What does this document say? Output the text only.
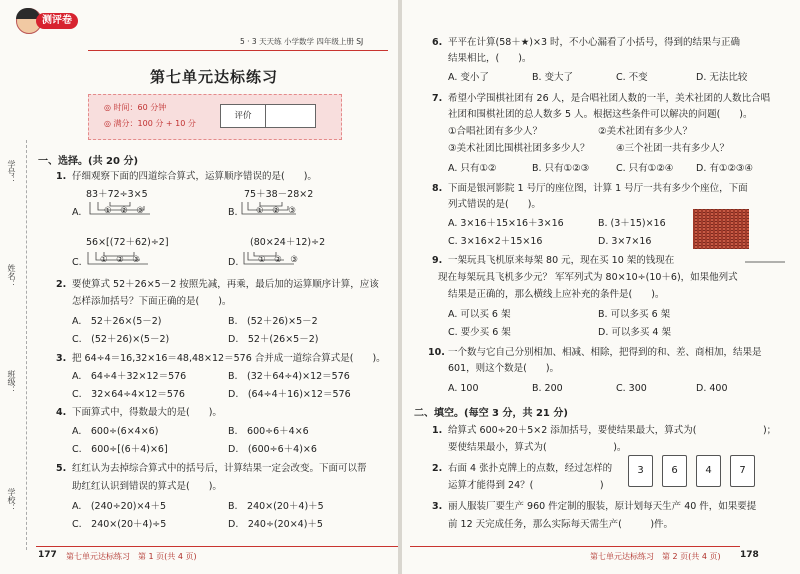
测评卷
5 · 3 天天练 小学数学 四年级上册 SJ
第七单元达标练习
◎ 时间：60 分钟
◎ 满分：100 分 + 10 分
评价
学号：
姓名：
班级：
学校：
一、选择。(共 20 分)
1. 仔细观察下面的四道综合算式，运算顺序错误的是(　　)。
A.
83＋72÷3×5
①　②　③	B.
75＋38－28×2
①　②　③
C.
56×[(72＋62)÷2]
①　②　③	D.
(80×24＋12)÷2
①　②　③
2. 要使算式 52＋26×5－2 按照先减，再乘，最后加的运算顺序计算，应该
怎样添加括号？下面正确的是(　　)。
A.　52＋26×(5－2)	B.　(52＋26)×5－2
C.　(52＋26)×(5－2)	D.　52＋(26×5－2)
3. 把 64÷4＝16,32×16＝48,48×12＝576 合并成一道综合算式是(　　)。
A.　64÷4＋32×12＝576	B.　(32＋64÷4)×12＝576
C.　32×64÷4×12＝576	D.　(64÷4＋16)×12＝576
4. 下面算式中，得数最大的是(　　)。
A.　600÷(6×4×6)	B.　600÷6＋4×6
C.　600÷[(6＋4)×6]	D.　(600÷6＋4)×6
5. 红红认为去掉综合算式中的括号后，计算结果一定会改变。下面可以帮
助红红认识到错误的算式是(　　)。
A.　(240÷20)×4＋5	B.　240×(20＋4)＋5
C.　240×(20＋4)÷5	D.　240÷(20×4)＋5
177 第七单元达标练习　第 1 页(共 4 页)
6. 平平在计算(58＋★)×3 时，不小心漏看了小括号，得到的结果与正确
结果相比，(　　)。
A. 变小了	B. 变大了	C. 不变	D. 无法比较
7. 希望小学围棋社团有 26 人，是合唱社团人数的一半，美术社团的人数比合唱
社团和围棋社团的总人数多 5 人。根据这些条件可以解决的问题(　　)。
①合唱社团有多少人？	②美术社团有多少人？
③美术社团比围棋社团多多少人？	④三个社团一共有多少人？
A. 只有①②	B. 只有①②③	C. 只有①②④ D. 有①②③④
8. 下面是银河影院 1 号厅的座位图，计算 1 号厅一共有多少个座位，下面
列式错误的是(　　)。
A. 3×16＋15×16＋3×16	B. (3＋15)×16
C. 3×16×2＋15×16	D. 3×7×16
9. 一架玩具飞机原来每架 80 元，现在买 10 架的钱现在
现在每架玩具飞机多少元？ 军军列式为 80×10÷(10＋6)，如果他列式
结果是正确的，那么横线上应补充的条件是(　　)。
A. 可以买 6 架	B. 可以多买 6 架
C. 要少买 6 架	D. 可以多买 4 架
10. 一个数与它自己分别相加、相减、相除，把得到的和、差、商相加，结果是
601，则这个数是(　　)。
A. 100	B. 200	C. 300	D. 400
二、填空。(每空 3 分，共 21 分)
1. 给算式 600÷20＋5×2 添加括号，要使结果最大，算式为(　　　　　　　)；
要使结果最小，算式为(　　　　　　　)。
2. 右面 4 张扑克牌上的点数，经过怎样的
运算才能得到 24？(　　　　　　　)
3	6	4	7
3. 丽人服装厂要生产 960 件定制的服装，原计划每天生产 40 件，如果要提
前 12 天完成任务，那么实际每天需生产(　　　)件。
第七单元达标练习　第 2 页(共 4 页) 178
